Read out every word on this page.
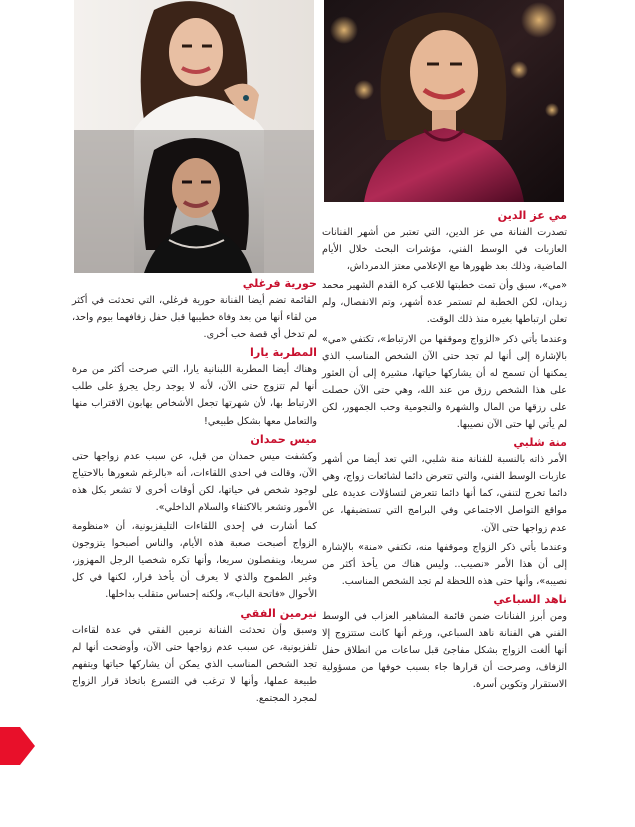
مي عز الدين

تصدرت الفنانة مي عز الدين، التي تعتبر من أشهر الفنانات العازبات في الوسط الفني، مؤشرات البحث خلال الأيام الماضية، وذلك بعد ظهورها مع الإعلامي معتز الدمرداش،

«مي»، سبق وأن تمت خطبتها للاعب كرة القدم الشهير محمد زيدان، لكن الخطبة لم تستمر عدة أشهر، وتم الانفصال، ولم تعلن ارتباطها بغيره منذ ذلك الوقت.

وعندما يأتي ذكر «الزواج وموقفها من الارتباط»، تكتفي «مي» بالإشارة إلى أنها لم تجد حتى الآن الشخص المناسب الذي يمكنها أن تسمح له أن يشاركها حياتها، مشيرة إلى أن العثور على هذا الشخص رزق من عند الله، وهي حتى الآن حصلت على رزقها من المال والشهرة والنجومية وحب الجمهور، لكن لم يأتي لها حتى الآن نصيبها.

منة شلبي

الأمر ذاته بالنسبة للفنانة منة شلبي، التي تعد أيضا من أشهر عازبات الوسط الفني، والتي تتعرض دائما لشائعات زواج، وهي دائما تخرج لتنفي، كما أنها دائما تتعرض لتساؤلات عديدة على مواقع التواصل الاجتماعي وفي البرامج التي تستضيفها، عن عدم زواجها حتى الآن.

وعندما يأتي ذكر الزواج وموقفها منه، تكتفي «منة» بالإشارة إلى أن هذا الأمر «نصيب.. وليس هناك من يأخذ أكثر من نصيبه»، وأنها حتى هذه اللحظة لم تجد الشخص المناسب.

ناهد السباعي

ومن أبرز الفنانات ضمن قائمة المشاهير العزاب في الوسط الفني هي الفنانة ناهد السباعي، ورغم أنها كانت ستتزوج إلا أنها ألغت الزواج بشكل مفاجئ قبل ساعات من انطلاق حفل الزفاف، وصرحت أن قرارها جاء بسبب خوفها من مسؤولية الاستقرار وتكوين أسرة.

حورية فرغلي

القائمة تضم أيضا الفنانة حورية فرغلي، التي تحدثت في أكثر من لقاء أنها من بعد وفاة خطيبها قبل حفل زفافهما بيوم واحد، لم تدخل أي قصة حب أخرى.

المطربة يارا

وهناك أيضا المطربة اللبنانية يارا، التي صرحت أكثر من مرة أنها لم تتزوج حتى الآن، لأنه لا يوجد رجل يجرؤ على طلب الارتباط بها، لأن شهرتها تجعل الأشخاص يهابون الاقتراب منها والتعامل معها بشكل طبيعي!

ميس حمدان

وكشفت ميس حمدان من قبل، عن سبب عدم زواجها حتى الآن، وقالت في احدى اللقاءات، أنه «بالرغم شعورها بالاحتياج لوجود شخص في حياتها، لكن أوقات أخرى لا تشعر بكل هذه الأمور وتشعر بالاكتفاء والسلام الداخلي».

كما أشارت في إحدى اللقاءات التليفزيونية، أن «منظومة الزواج أصبحت صعبة هذه الأيام، والناس أصبحوا يتزوجون سريعا، وينفصلون سريعا، وأنها تكره شخصيا الرجل المهزوز، وغير الطموح والذي لا يعرف أن يأخذ قرار، لكنها في كل الأحوال «فاتحة الباب»، ولكنه إحساس متقلب بداخلها.

نيرمين الفقي

وسبق وأن تحدثت الفنانة نرمين الفقي في عدة لقاءات تلفزيونية، عن سبب عدم زواجها حتى الآن، وأوضحت أنها لم تجد الشخص المناسب الذي يمكن أن يشاركها حياتها ويتفهم طبيعة عملها، وأنها لا ترغب في التسرع باتخاذ قرار الزواج لمجرد المجتمع.
